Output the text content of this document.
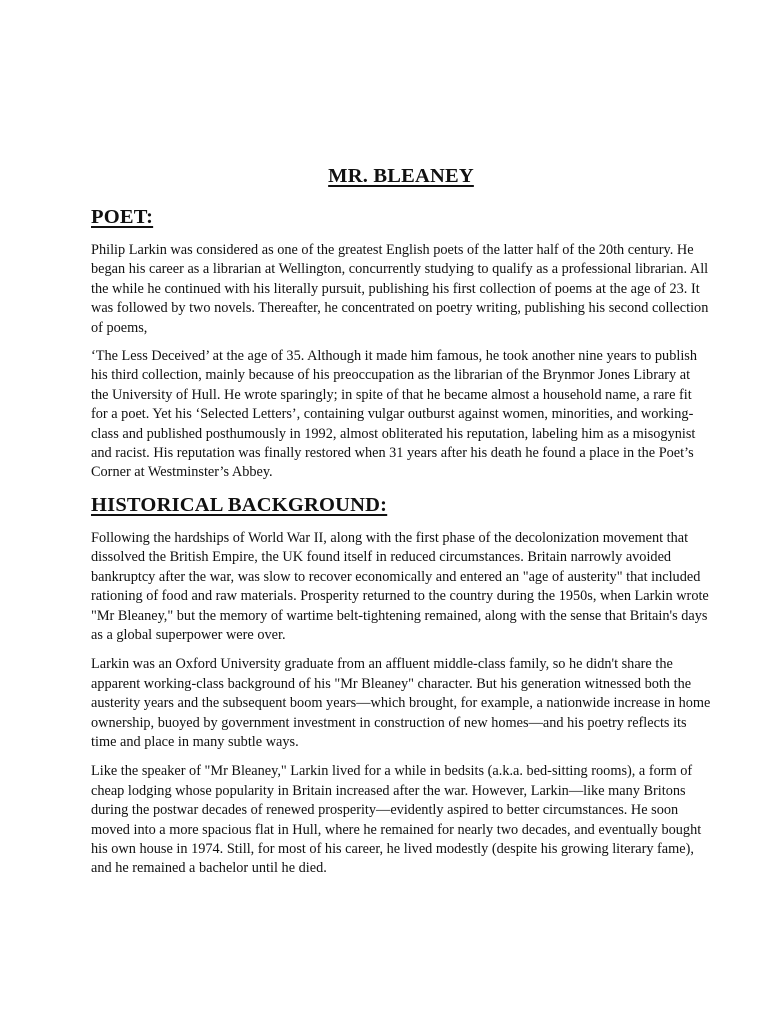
MR. BLEANEY
POET:

Philip Larkin was considered as one of the greatest English poets of the latter half of the 20th century. He began his career as a librarian at Wellington, concurrently studying to qualify as a professional librarian. All the while he continued with his literally pursuit, publishing his first collection of poems at the age of 23. It was followed by two novels. Thereafter, he concentrated on poetry writing, publishing his second collection of poems,

‘The Less Deceived’ at the age of 35. Although it made him famous, he took another nine years to publish his third collection, mainly because of his preoccupation as the librarian of the Brynmor Jones Library at the University of Hull. He wrote sparingly; in spite of that he became almost a household name, a rare fit for a poet. Yet his ‘Selected Letters’, containing vulgar outburst against women, minorities, and working-class and published posthumously in 1992, almost obliterated his reputation, labeling him as a misogynist and racist. His reputation was finally restored when 31 years after his death he found a place in the Poet’s Corner at Westminster’s Abbey.

HISTORICAL BACKGROUND:

Following the hardships of World War II, along with the first phase of the decolonization movement that dissolved the British Empire, the UK found itself in reduced circumstances. Britain narrowly avoided bankruptcy after the war, was slow to recover economically and entered an "age of austerity" that included rationing of food and raw materials. Prosperity returned to the country during the 1950s, when Larkin wrote "Mr Bleaney," but the memory of wartime belt-tightening remained, along with the sense that Britain's days as a global superpower were over.

Larkin was an Oxford University graduate from an affluent middle-class family, so he didn't share the apparent working-class background of his "Mr Bleaney" character. But his generation witnessed both the austerity years and the subsequent boom years—which brought, for example, a nationwide increase in home ownership, buoyed by government investment in construction of new homes—and his poetry reflects its time and place in many subtle ways.

Like the speaker of "Mr Bleaney," Larkin lived for a while in bedsits (a.k.a. bed-sitting rooms), a form of cheap lodging whose popularity in Britain increased after the war. However, Larkin—like many Britons during the postwar decades of renewed prosperity—evidently aspired to better circumstances. He soon moved into a more spacious flat in Hull, where he remained for nearly two decades, and eventually bought his own house in 1974. Still, for most of his career, he lived modestly (despite his growing literary fame), and he remained a bachelor until he died.
